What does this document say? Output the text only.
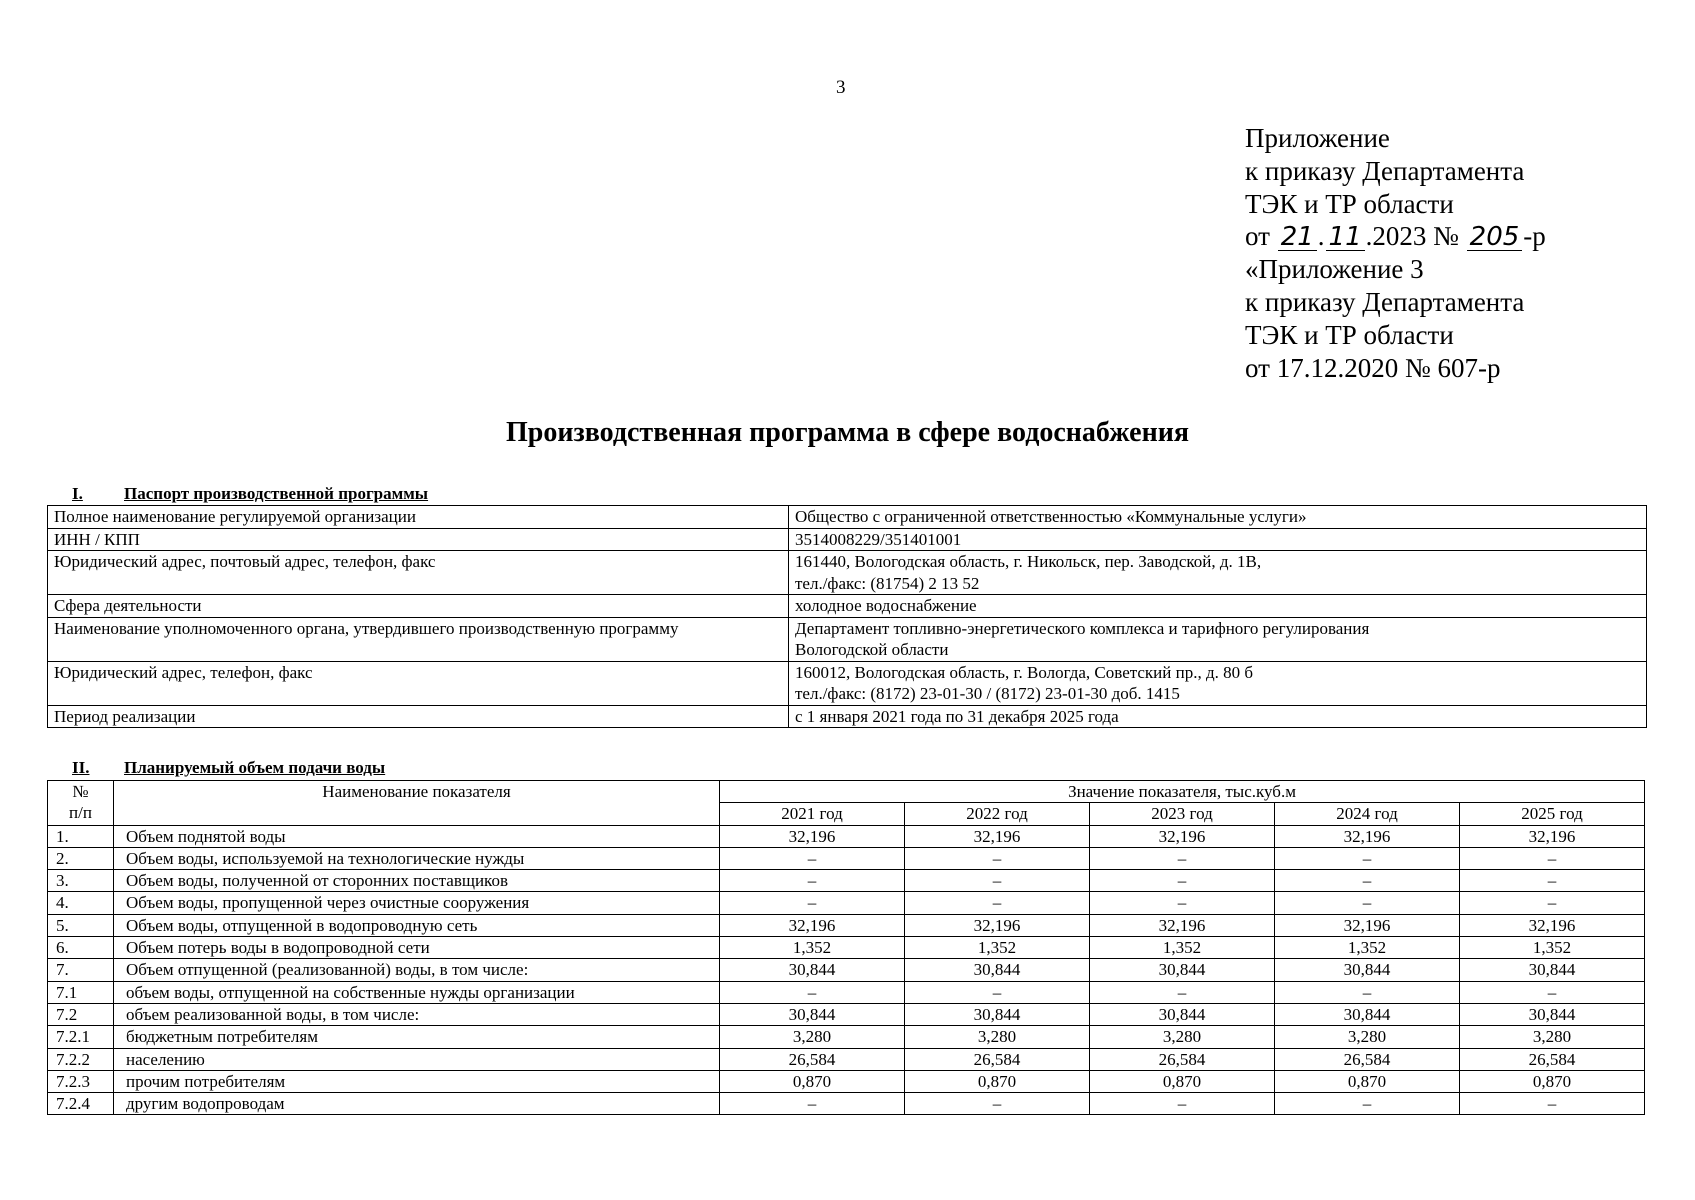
3
Приложение
к приказу Департамента
ТЭК и ТР области
от 21 . 11 .2023 № 205 -р
«Приложение 3
к приказу Департамента
ТЭК и ТР области
от 17.12.2020 № 607-р
Производственная программа в сфере водоснабжения
I. Паспорт производственной программы
Полное наименование регулируемой организации	Общество с ограниченной ответственностью «Коммунальные услуги»

ИНН / КПП	3514008229/351401001

Юридический адрес, почтовый адрес, телефон, факс	161440, Вологодская область, г. Никольск, пер. Заводской, д. 1В,
тел./факс: (81754) 2 13 52

Сфера деятельности	холодное водоснабжение

Наименование уполномоченного органа, утвердившего производственную программу	Департамент топливно-энергетического комплекса и тарифного регулирования
Вологодской области

Юридический адрес, телефон, факс	160012, Вологодская область, г. Вологда, Советский пр., д. 80 б
тел./факс: (8172) 23-01-30 / (8172) 23-01-30 доб. 1415

Период реализации	с 1 января 2021 года по 31 декабря 2025 года
II. Планируемый объем подачи воды
№
п/п	Наименование показателя	Значение показателя, тыс.куб.м				
		2021 год	2022 год	2023 год	2024 год	2025 год
1.	Объем поднятой воды	32,196	32,196	32,196	32,196	32,196
2.	Объем воды, используемой на технологические нужды	–	–	–	–	–
3.	Объем воды, полученной от сторонних поставщиков	–	–	–	–	–
4.	Объем воды, пропущенной через очистные сооружения	–	–	–	–	–
5.	Объем воды, отпущенной в водопроводную сеть	32,196	32,196	32,196	32,196	32,196
6.	Объем потерь воды в водопроводной сети	1,352	1,352	1,352	1,352	1,352
7.	Объем отпущенной (реализованной) воды, в том числе:	30,844	30,844	30,844	30,844	30,844
7.1	объем воды, отпущенной на собственные нужды организации	–	–	–	–	–
7.2	объем реализованной воды, в том числе:	30,844	30,844	30,844	30,844	30,844
7.2.1	бюджетным потребителям	3,280	3,280	3,280	3,280	3,280
7.2.2	населению	26,584	26,584	26,584	26,584	26,584
7.2.3	прочим потребителям	0,870	0,870	0,870	0,870	0,870
7.2.4	другим водопроводам	–	–	–	–	–
